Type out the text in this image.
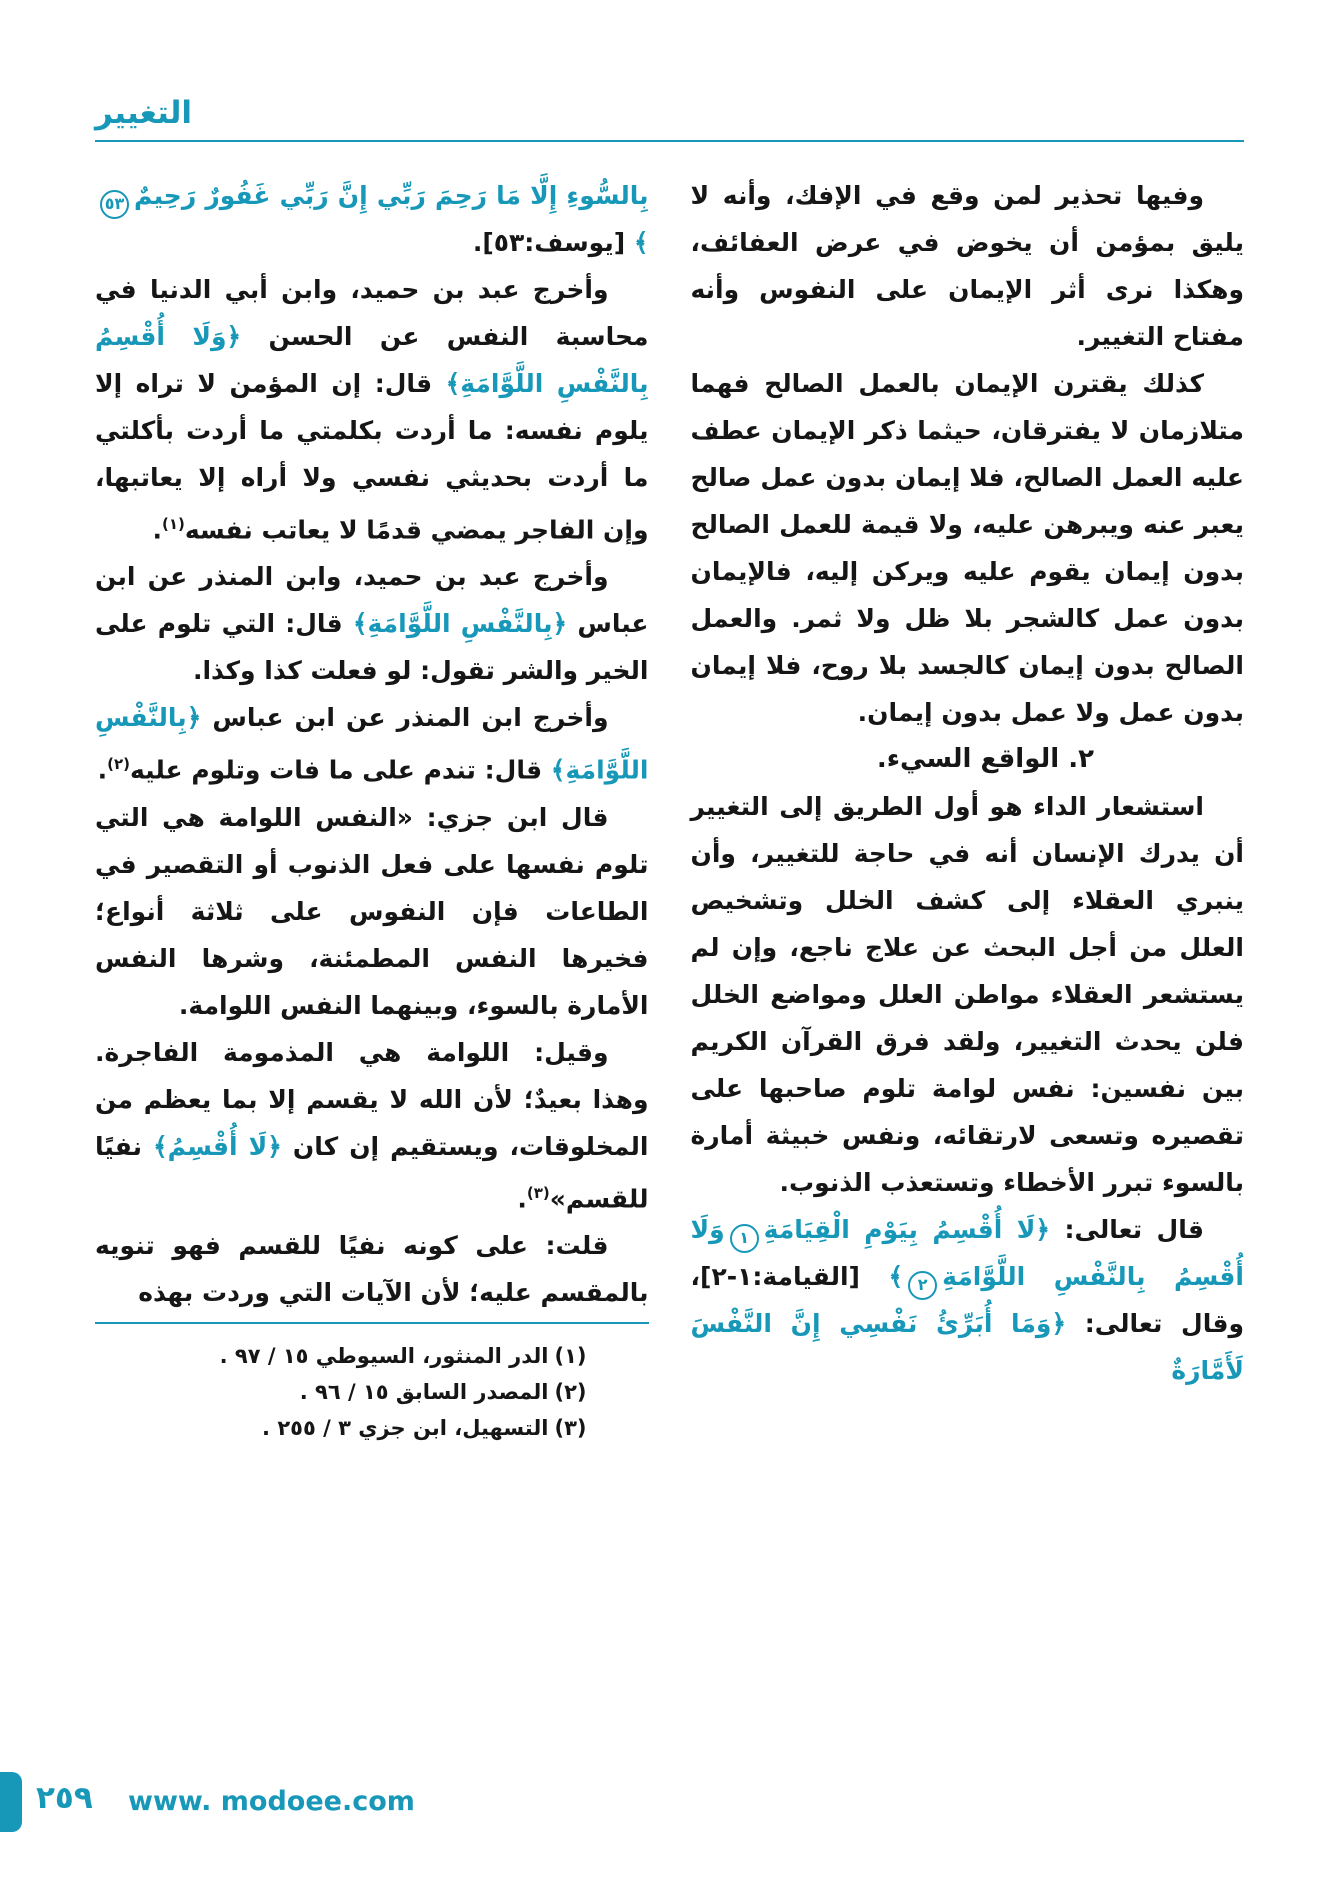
التغيير

وفيها تحذير لمن وقع في الإفك، وأنه لا يليق بمؤمن أن يخوض في عرض العفائف، وهكذا نرى أثر الإيمان على النفوس وأنه مفتاح التغيير.

كذلك يقترن الإيمان بالعمل الصالح فهما متلازمان لا يفترقان، حيثما ذكر الإيمان عطف عليه العمل الصالح، فلا إيمان بدون عمل صالح يعبر عنه ويبرهن عليه، ولا قيمة للعمل الصالح بدون إيمان يقوم عليه ويركن إليه، فالإيمان بدون عمل كالشجر بلا ظل ولا ثمر. والعمل الصالح بدون إيمان كالجسد بلا روح، فلا إيمان بدون عمل ولا عمل بدون إيمان.

٢. الواقع السيء.

استشعار الداء هو أول الطريق إلى التغيير أن يدرك الإنسان أنه في حاجة للتغيير، وأن ينبري العقلاء إلى كشف الخلل وتشخيص العلل من أجل البحث عن علاج ناجع، وإن لم يستشعر العقلاء مواطن العلل ومواضع الخلل فلن يحدث التغيير، ولقد فرق القرآن الكريم بين نفسين: نفس لوامة تلوم صاحبها على تقصيره وتسعى لارتقائه، ونفس خبيثة أمارة بالسوء تبرر الأخطاء وتستعذب الذنوب.

قال تعالى: ﴿لَا أُقْسِمُ بِيَوْمِ الْقِيَامَةِ١وَلَا أُقْسِمُ بِالنَّفْسِ اللَّوَّامَةِ٢﴾ [القيامة:١-٢]، وقال تعالى: ﴿وَمَا أُبَرِّئُ نَفْسِي إِنَّ النَّفْسَ لَأَمَّارَةٌ

بِالسُّوءِ إِلَّا مَا رَحِمَ رَبِّي إِنَّ رَبِّي غَفُورٌ رَحِيمٌ٥٣﴾ [يوسف:٥٣].

وأخرج عبد بن حميد، وابن أبي الدنيا في محاسبة النفس عن الحسن ﴿وَلَا أُقْسِمُ بِالنَّفْسِ اللَّوَّامَةِ﴾ قال: إن المؤمن لا تراه إلا يلوم نفسه: ما أردت بكلمتي ما أردت بأكلتي ما أردت بحديثي نفسي ولا أراه إلا يعاتبها، وإن الفاجر يمضي قدمًا لا يعاتب نفسه$^{(١)}$.

وأخرج عبد بن حميد، وابن المنذر عن ابن عباس ﴿بِالنَّفْسِ اللَّوَّامَةِ﴾ قال: التي تلوم على الخير والشر تقول: لو فعلت كذا وكذا.

وأخرج ابن المنذر عن ابن عباس ﴿بِالنَّفْسِ اللَّوَّامَةِ﴾ قال: تندم على ما فات وتلوم عليه$^{(٢)}$.

قال ابن جزي: «النفس اللوامة هي التي تلوم نفسها على فعل الذنوب أو التقصير في الطاعات فإن النفوس على ثلاثة أنواع؛ فخيرها النفس المطمئنة، وشرها النفس الأمارة بالسوء، وبينهما النفس اللوامة.

وقيل: اللوامة هي المذمومة الفاجرة. وهذا بعيدٌ؛ لأن الله لا يقسم إلا بما يعظم من المخلوقات، ويستقيم إن كان ﴿لَا أُقْسِمُ﴾ نفيًا للقسم»$^{(٣)}$.

قلت: على كونه نفيًا للقسم فهو تنويه بالمقسم عليه؛ لأن الآيات التي وردت بهذه

(١)الدر المنثور، السيوطي ١٥ / ٩٧ .
(٢)المصدر السابق ١٥ / ٩٦ .
(٣)التسهيل، ابن جزي ٣ / ٢٥٥ .
٢٥٩ www. modoee.com
